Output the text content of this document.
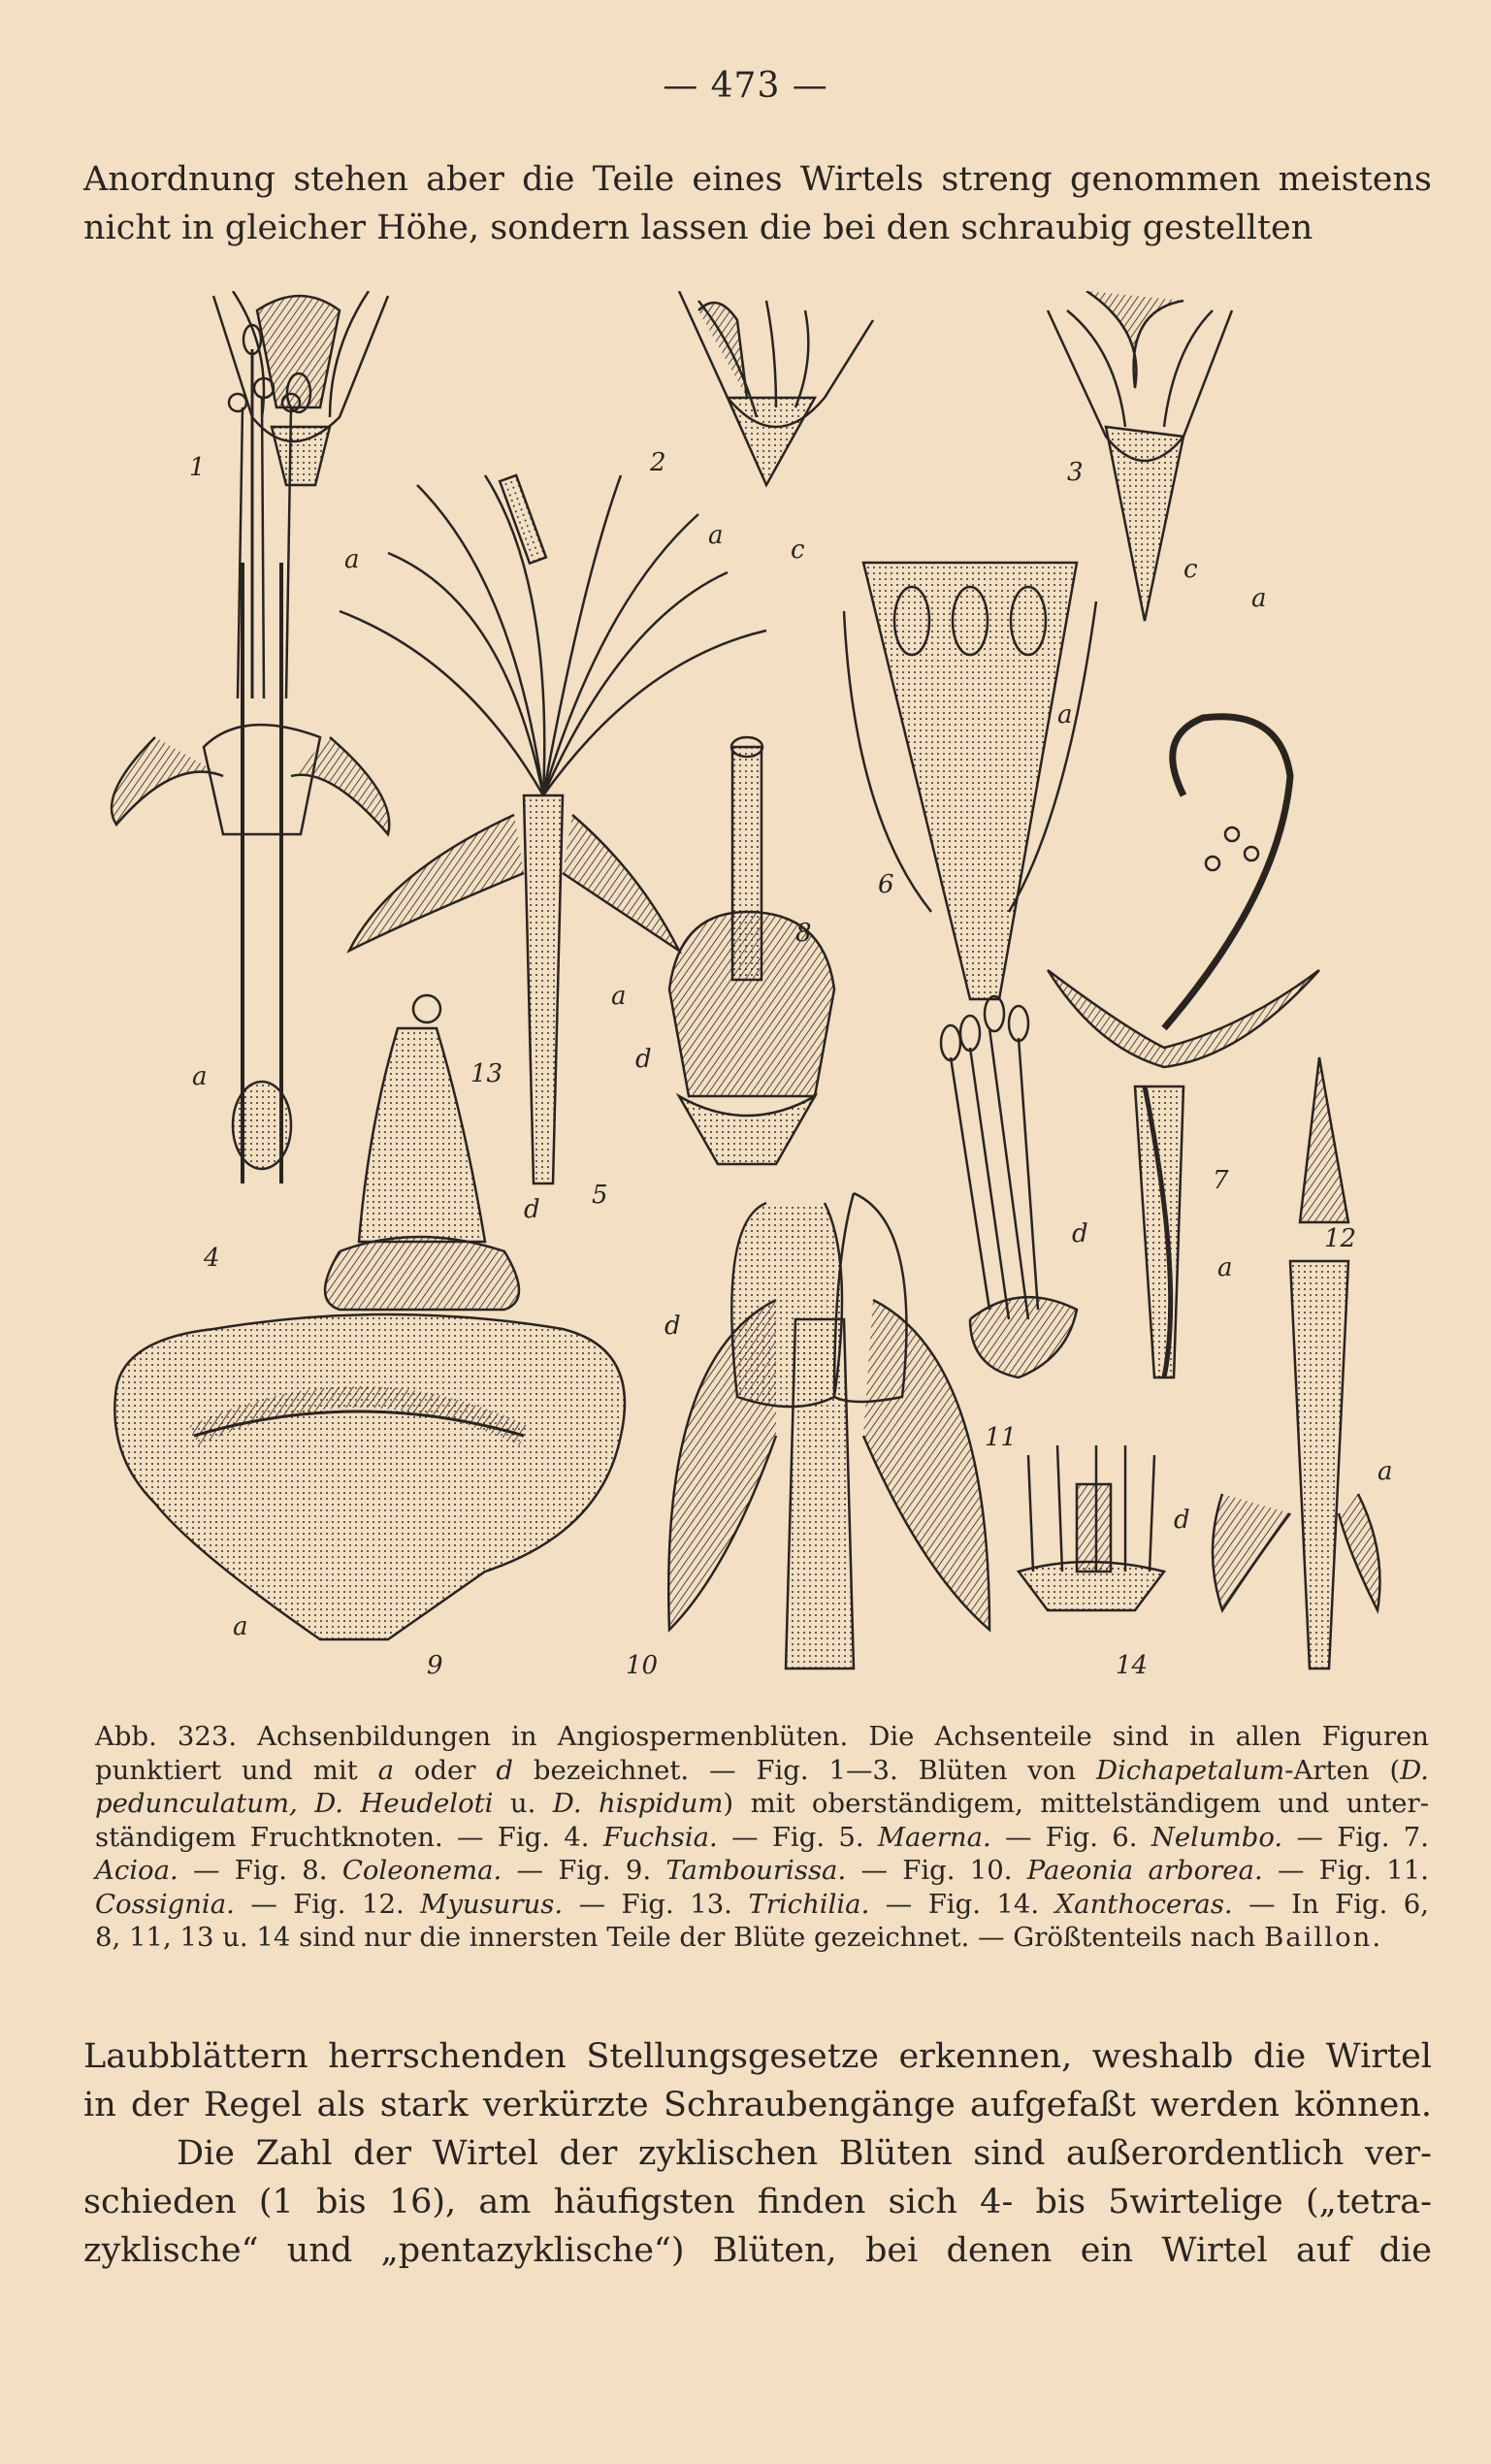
— 473 —
Anordnung stehen aber die Teile eines Wirtels streng genommen meistens
nicht in gleicher Höhe, sondern lassen die bei den schraubig gestellten
1	2	3
4
5
6
7
8
9	10
11
12
13
14
a
a
a
a
a
a
a
a
a
c
c
d
d
d
d
d
Abb. 323. Achsenbildungen in Angiospermenblüten. Die Achsenteile sind in allen Figuren
punktiert und mit a oder d bezeichnet. — Fig. 1—3. Blüten von Dichapetalum-Arten (D.
pedunculatum, D. Heudeloti u. D. hispidum) mit oberständigem, mittelständigem und unter-
ständigem Fruchtknoten. — Fig. 4. Fuchsia. — Fig. 5. Maerna. — Fig. 6. Nelumbo. — Fig. 7.
Acioa. — Fig. 8. Coleonema. — Fig. 9. Tambourissa. — Fig. 10. Paeonia arborea. — Fig. 11.
Cossignia. — Fig. 12. Myusurus. — Fig. 13. Trichilia. — Fig. 14. Xanthoceras. — In Fig. 6,
8, 11, 13 u. 14 sind nur die innersten Teile der Blüte gezeichnet. — Größtenteils nach Baillon.
Laubblättern herrschenden Stellungsgesetze erkennen, weshalb die Wirtel
in der Regel als stark verkürzte Schraubengänge aufgefaßt werden können.
Die Zahl der Wirtel der zyklischen Blüten sind außerordentlich ver-
schieden (1 bis 16), am häufigsten finden sich 4- bis 5wirtelige („tetra-
zyklische“ und „pentazyklische“) Blüten, bei denen ein Wirtel auf die
